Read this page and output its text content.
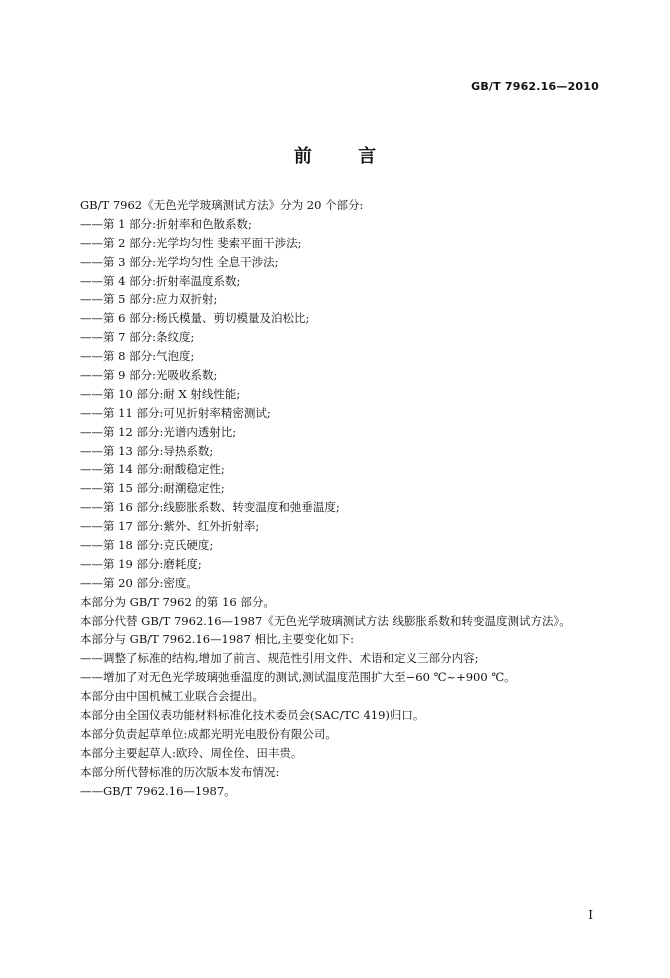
GB/T 7962.16—2010
前 言
GB/T 7962《无色光学玻璃测试方法》分为 20 个部分:
——第 1 部分:折射率和色散系数;
——第 2 部分:光学均匀性 斐索平面干涉法;
——第 3 部分:光学均匀性 全息干涉法;
——第 4 部分:折射率温度系数;
——第 5 部分:应力双折射;
——第 6 部分:杨氏模量、剪切模量及泊松比;
——第 7 部分:条纹度;
——第 8 部分:气泡度;
——第 9 部分:光吸收系数;
——第 10 部分:耐 X 射线性能;
——第 11 部分:可见折射率精密测试;
——第 12 部分:光谱内透射比;
——第 13 部分:导热系数;
——第 14 部分:耐酸稳定性;
——第 15 部分:耐潮稳定性;
——第 16 部分:线膨胀系数、转变温度和弛垂温度;
——第 17 部分:紫外、红外折射率;
——第 18 部分:克氏硬度;
——第 19 部分:磨耗度;
——第 20 部分:密度。
本部分为 GB/T 7962 的第 16 部分。
本部分代替 GB/T 7962.16—1987《无色光学玻璃测试方法 线膨胀系数和转变温度测试方法》。
本部分与 GB/T 7962.16—1987 相比,主要变化如下:
——调整了标准的结构,增加了前言、规范性引用文件、术语和定义三部分内容;
——增加了对无色光学玻璃弛垂温度的测试,测试温度范围扩大至−60 ℃~+900 ℃。
本部分由中国机械工业联合会提出。
本部分由全国仪表功能材料标准化技术委员会(SAC/TC 419)归口。
本部分负责起草单位:成都光明光电股份有限公司。
本部分主要起草人:欧玲、周佺佺、田丰贵。
本部分所代替标准的历次版本发布情况:
——GB/T 7962.16—1987。
I
